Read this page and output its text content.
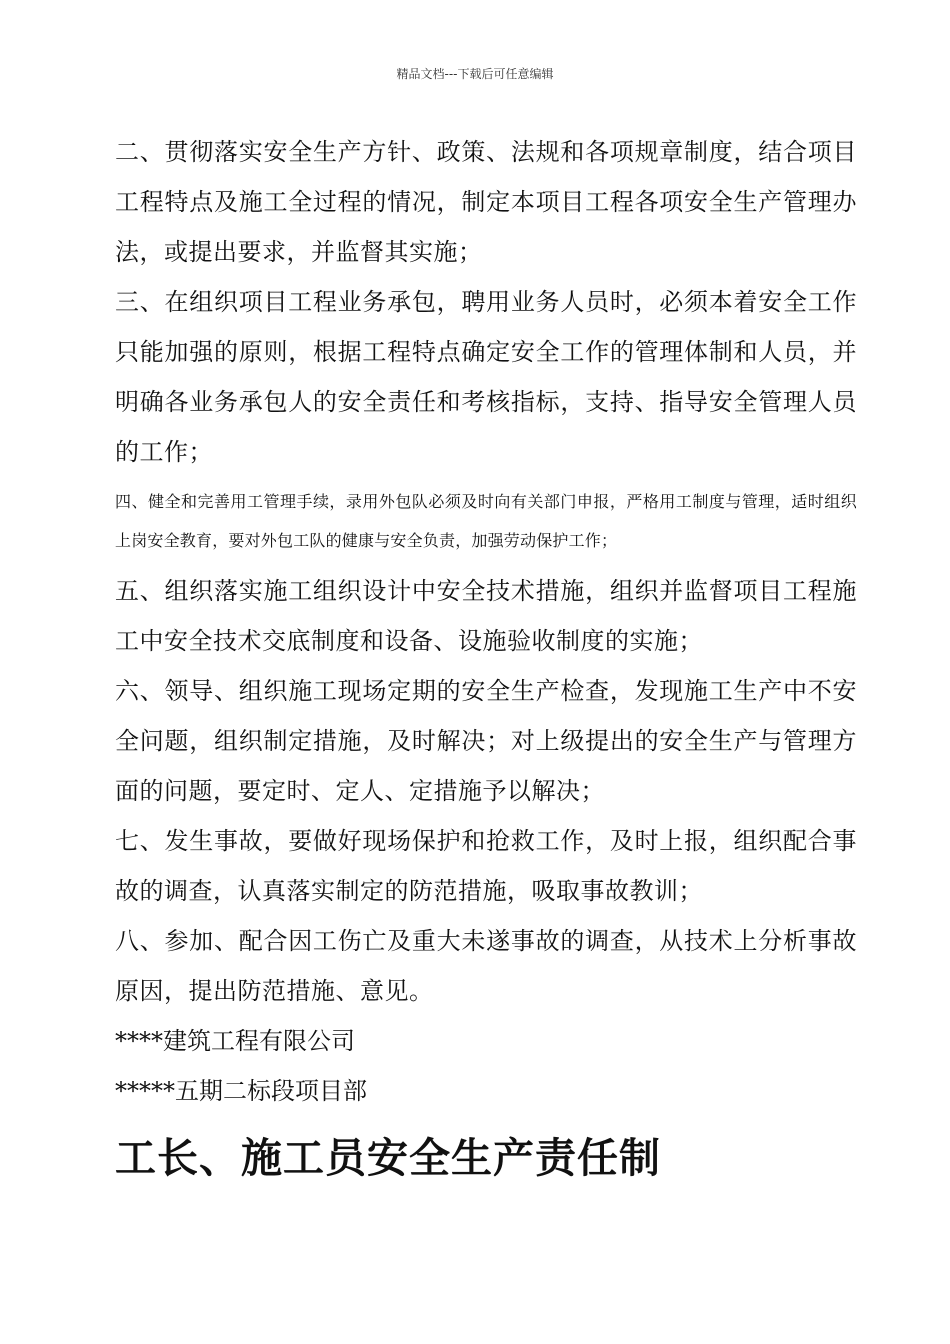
精品文档---下载后可任意编辑

二、贯彻落实安全生产方针、政策、法规和各项规章制度，结合项目工程特点及施工全过程的情况，制定本项目工程各项安全生产管理办法，或提出要求，并监督其实施；

三、在组织项目工程业务承包，聘用业务人员时，必须本着安全工作只能加强的原则，根据工程特点确定安全工作的管理体制和人员，并明确各业务承包人的安全责任和考核指标，支持、指导安全管理人员的工作；

四、健全和完善用工管理手续，录用外包队必须及时向有关部门申报，严格用工制度与管理，适时组织上岗安全教育，要对外包工队的健康与安全负责，加强劳动保护工作；

五、组织落实施工组织设计中安全技术措施，组织并监督项目工程施工中安全技术交底制度和设备、设施验收制度的实施；

六、领导、组织施工现场定期的安全生产检查，发现施工生产中不安全问题，组织制定措施，及时解决；对上级提出的安全生产与管理方面的问题，要定时、定人、定措施予以解决；

七、发生事故，要做好现场保护和抢救工作，及时上报，组织配合事故的调查，认真落实制定的防范措施，吸取事故教训；

八、参加、配合因工伤亡及重大未遂事故的调查，从技术上分析事故原因，提出防范措施、意见。

****建筑工程有限公司

*****五期二标段项目部

工长、施工员安全生产责任制
